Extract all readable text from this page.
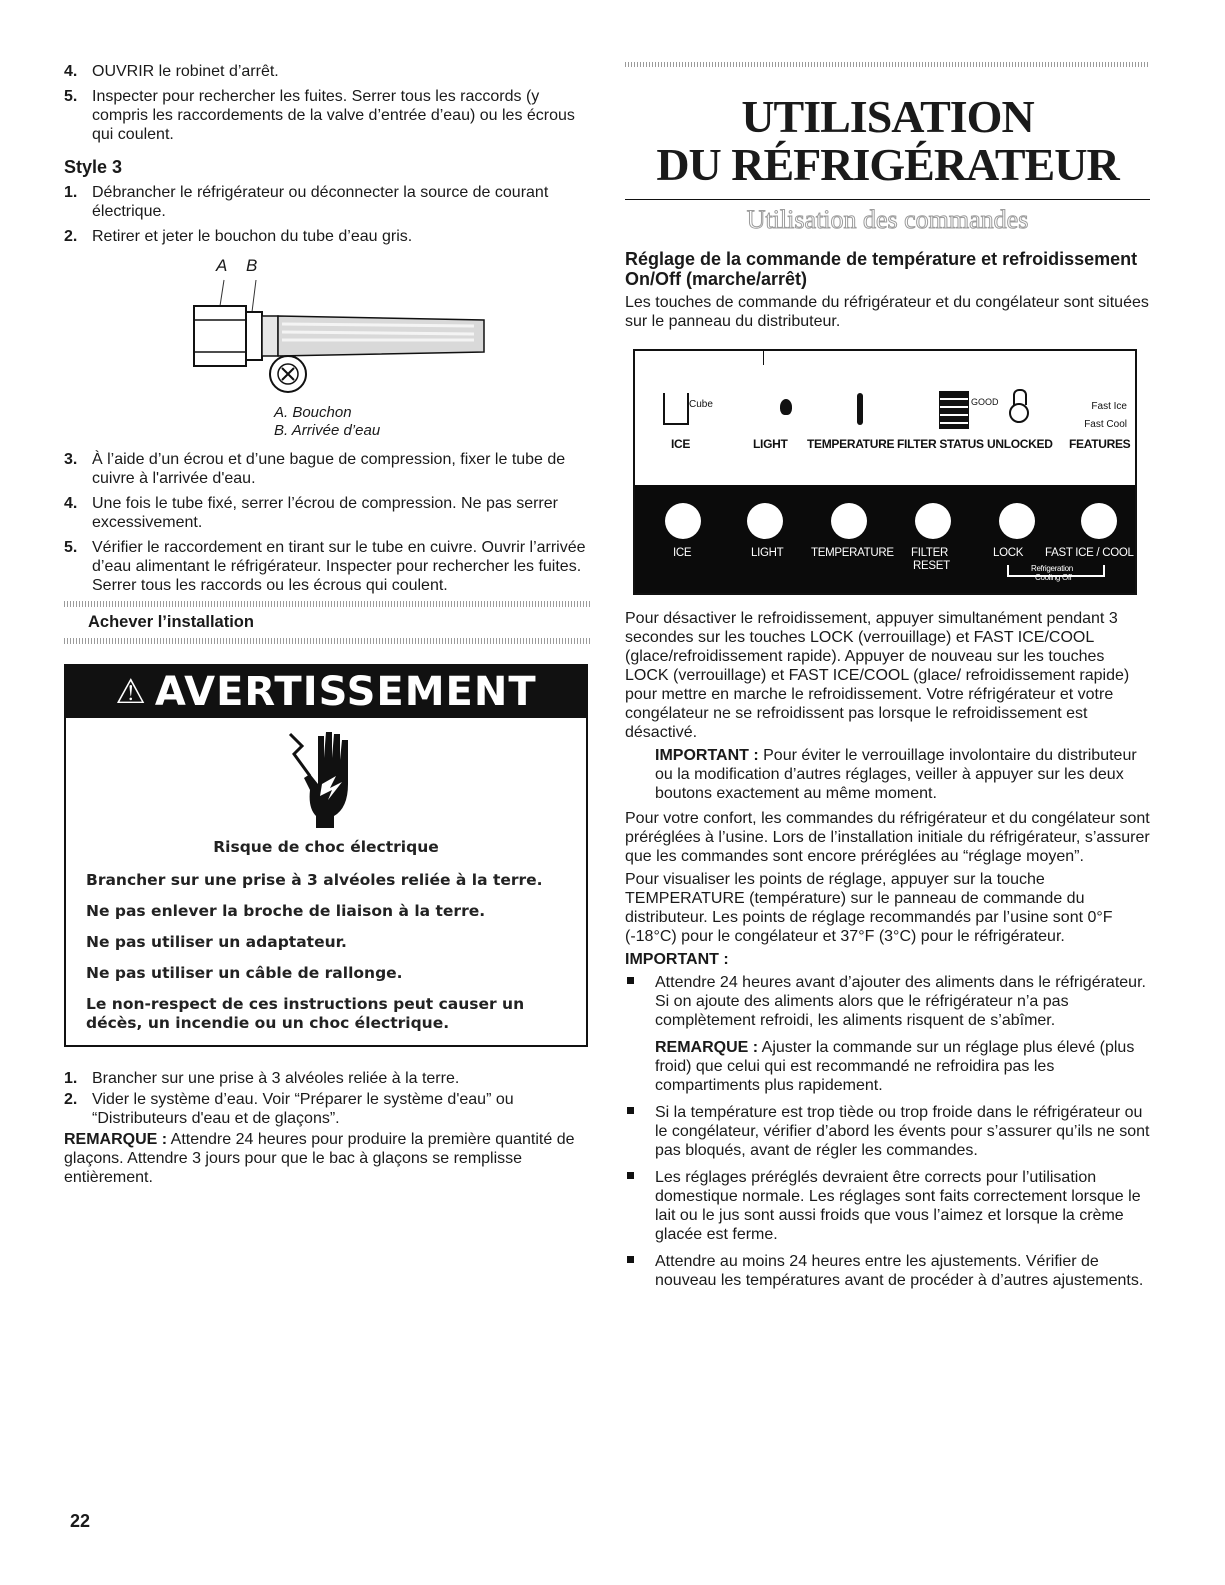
4. OUVRIR le robinet d’arrêt.
5. Inspecter pour rechercher les fuites. Serrer tous les raccords (y compris les raccordements de la valve d’entrée d’eau) ou les écrous qui coulent.
Style 3
1. Débrancher le réfrigérateur ou déconnecter la source de courant électrique.
2. Retirer et jeter le bouchon du tube d’eau gris.
A B
A. Bouchon
B. Arrivée d’eau
3. À l’aide d’un écrou et d’une bague de compression, fixer le tube de cuivre à l'arrivée d'eau.
4. Une fois le tube fixé, serrer l’écrou de compression. Ne pas serrer excessivement.
5. Vérifier le raccordement en tirant sur le tube en cuivre. Ouvrir l’arrivée d’eau alimentant le réfrigérateur. Inspecter pour rechercher les fuites. Serrer tous les raccords ou les écrous qui coulent.
Achever l’installation
⚠ AVERTISSEMENT
Risque de choc électrique

Brancher sur une prise à 3 alvéoles reliée à la terre.

Ne pas enlever la broche de liaison à la terre.

Ne pas utiliser un adaptateur.

Ne pas utiliser un câble de rallonge.

Le non-respect de ces instructions peut causer un décès, un incendie ou un choc électrique.

1. Brancher sur une prise à 3 alvéoles reliée à la terre.
2. Vider le système d’eau. Voir “Préparer le système d'eau” ou “Distributeurs d'eau et de glaçons”.

REMARQUE : Attendre 24 heures pour produire la première quantité de glaçons. Attendre 3 jours pour que le bac à glaçons se remplisse entièrement.

UTILISATION
DU RÉFRIGÉRATEUR
Utilisation des commandes
Réglage de la commande de température et refroidissement On/Off (marche/arrêt)

Les touches de commande du réfrigérateur et du congélateur sont situées sur le panneau du distributeur.

Cube	GOOD	Fast Ice
Fast Cool
ICE	LIGHT TEMPERATURE FILTER STATUS UNLOCKED FEATURES
ICE	LIGHT TEMPERATURE FILTER
RESET
LOCK FAST ICE / COOL
Refrigeration
Cooling Off

Pour désactiver le refroidissement, appuyer simultanément pendant 3 secondes sur les touches LOCK (verrouillage) et FAST ICE/COOL (glace/refroidissement rapide). Appuyer de nouveau sur les touches LOCK (verrouillage) et FAST ICE/COOL (glace/ refroidissement rapide) pour mettre en marche le refroidissement. Votre réfrigérateur et votre congélateur ne se refroidissent pas lorsque le refroidissement est désactivé.

IMPORTANT : Pour éviter le verrouillage involontaire du distributeur ou la modification d’autres réglages, veiller à appuyer sur les deux boutons exactement au même moment.

Pour votre confort, les commandes du réfrigérateur et du congélateur sont préréglées à l’usine. Lors de l’installation initiale du réfrigérateur, s’assurer que les commandes sont encore préréglées au “réglage moyen”.

Pour visualiser les points de réglage, appuyer sur la touche TEMPERATURE (température) sur le panneau de commande du distributeur. Les points de réglage recommandés par l’usine sont 0°F (-18°C) pour le congélateur et 37°F (3°C) pour le réfrigérateur.

IMPORTANT :

Attendre 24 heures avant d’ajouter des aliments dans le réfrigérateur. Si on ajoute des aliments alors que le réfrigérateur n’a pas complètement refroidi, les aliments risquent de s’abîmer.

REMARQUE : Ajuster la commande sur un réglage plus élevé (plus froid) que celui qui est recommandé ne refroidira pas les compartiments plus rapidement.

Si la température est trop tiède ou trop froide dans le réfrigérateur ou le congélateur, vérifier d’abord les évents pour s’assurer qu’ils ne sont pas bloqués, avant de régler les commandes.
Les réglages préréglés devraient être corrects pour l’utilisation domestique normale. Les réglages sont faits correctement lorsque le lait ou le jus sont aussi froids que vous l’aimez et lorsque la crème glacée est ferme.
Attendre au moins 24 heures entre les ajustements. Vérifier de nouveau les températures avant de procéder à d’autres ajustements.
22
